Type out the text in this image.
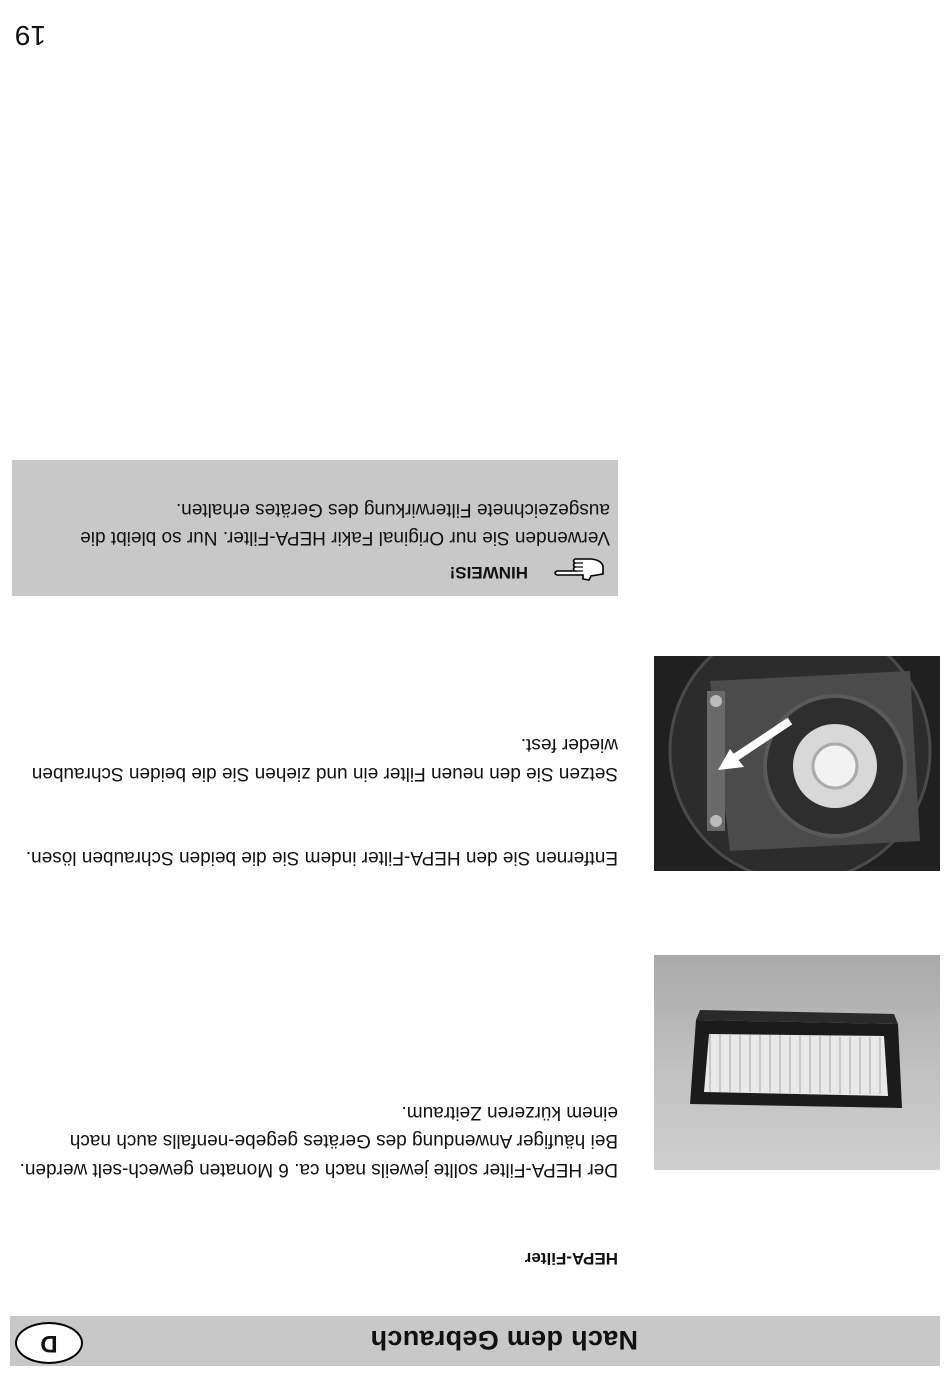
Nach dem Gebrauch
D
HEPA-Filter
Der HEPA-Filter sollte jeweils nach ca. 6 Monaten gewech-selt werden. Bei häufiger Anwendung des Gerätes gegebe-nenfalls auch nach einem kürzeren Zeitraum.
Entfernen Sie den HEPA-Filter indem Sie die beiden Schrauben lösen.
Setzen Sie den neuen Filter ein und ziehen Sie die beiden Schrauben wieder fest.
HINWEIS!
Verwenden Sie nur Original Fakir HEPA-Filter. Nur so bleibt die ausgezeichnete Filterwirkung des Gerätes erhalten.
19
